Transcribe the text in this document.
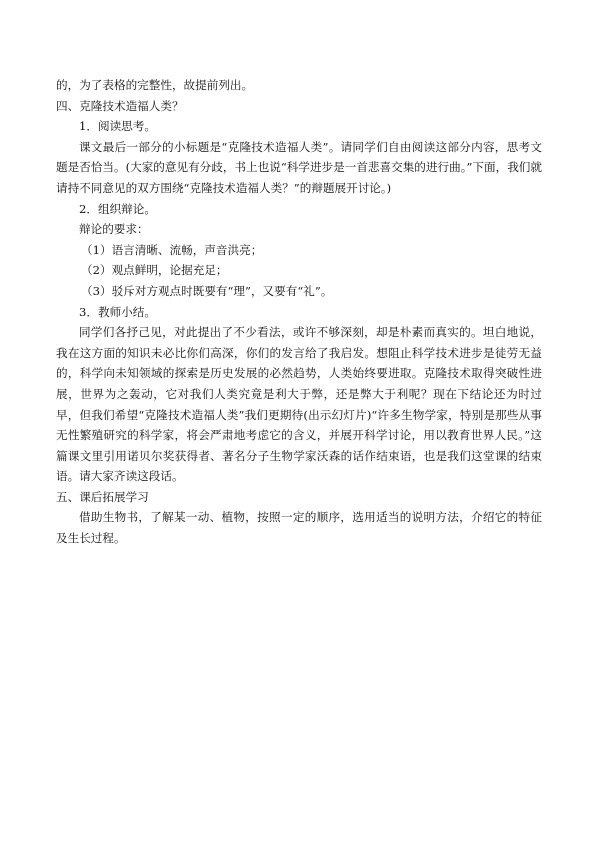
的，为了表格的完整性，故提前列出。

四、克隆技术造福人类？

1．阅读思考。

课文最后一部分的小标题是“克隆技术造福人类”。请同学们自由阅读这部分内容，思考文题是否恰当。(大家的意见有分歧，书上也说“科学进步是一首悲喜交集的进行曲。”下面，我们就请持不同意见的双方围绕“克隆技术造福人类？”的辩题展开讨论。)

2．组织辩论。

辩论的要求：

（1）语言清晰、流畅，声音洪亮；

（2）观点鲜明，论据充足；

（3）驳斥对方观点时既要有“理”，又要有“礼”。

3．教师小结。

同学们各抒己见，对此提出了不少看法，或许不够深刻，却是朴素而真实的。坦白地说，我在这方面的知识未必比你们高深，你们的发言给了我启发。想阻止科学技术进步是徒劳无益的，科学向未知领域的探索是历史发展的必然趋势，人类始终要进取。克隆技术取得突破性进展，世界为之轰动，它对我们人类究竟是利大于弊，还是弊大于利呢？现在下结论还为时过早，但我们希望“克隆技术造福人类”我们更期待(出示幻灯片)“许多生物学家，特别是那些从事无性繁殖研究的科学家，将会严肃地考虑它的含义，并展开科学讨论，用以教育世界人民。”这篇课文里引用诺贝尔奖获得者、著名分子生物学家沃森的话作结束语，也是我们这堂课的结束语。请大家齐读这段话。

五、课后拓展学习

借助生物书，了解某一动、植物，按照一定的顺序，选用适当的说明方法，介绍它的特征及生长过程。
